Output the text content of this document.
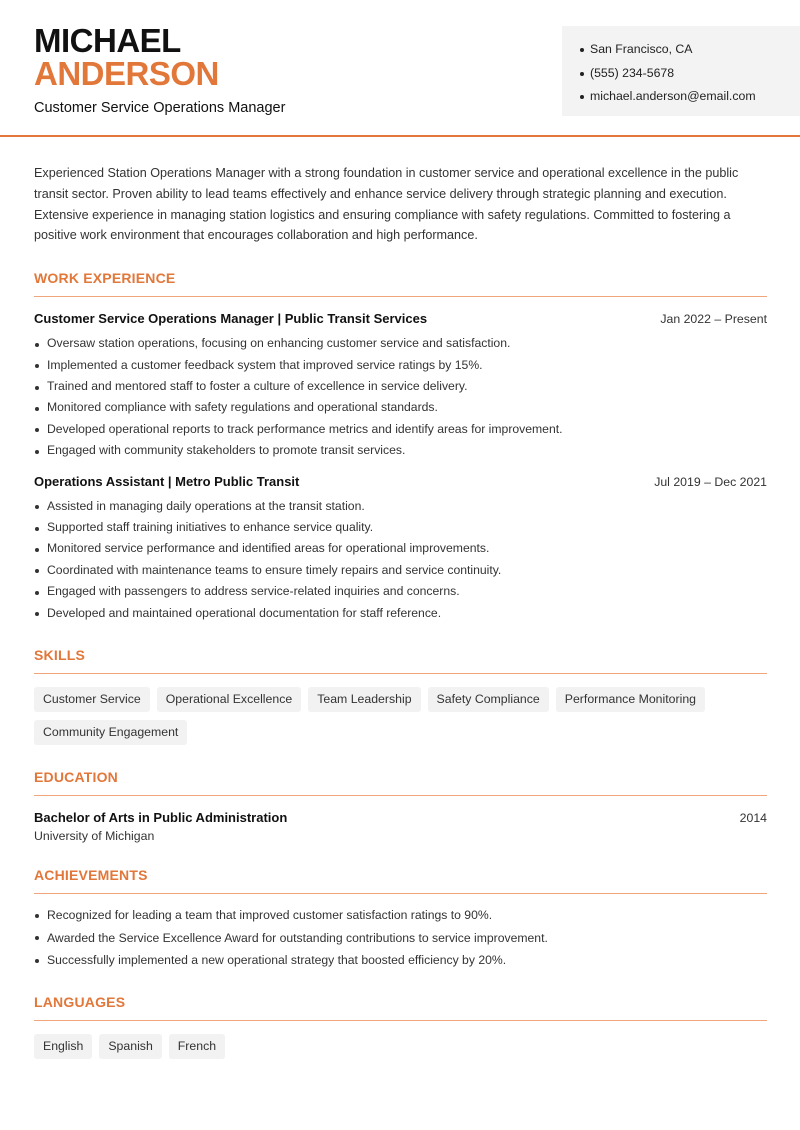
MICHAEL
ANDERSON
Customer Service Operations Manager
San Francisco, CA
(555) 234-5678
michael.anderson@email.com

Experienced Station Operations Manager with a strong foundation in customer service and operational excellence in the public transit sector. Proven ability to lead teams effectively and enhance service delivery through strategic planning and execution. Extensive experience in managing station logistics and ensuring compliance with safety regulations. Committed to fostering a positive work environment that encourages collaboration and high performance.

WORK EXPERIENCE
Customer Service Operations Manager | Public Transit Services	Jan 2022 – Present
Oversaw station operations, focusing on enhancing customer service and satisfaction.
Implemented a customer feedback system that improved service ratings by 15%.
Trained and mentored staff to foster a culture of excellence in service delivery.
Monitored compliance with safety regulations and operational standards.
Developed operational reports to track performance metrics and identify areas for improvement.
Engaged with community stakeholders to promote transit services.
Operations Assistant | Metro Public Transit	Jul 2019 – Dec 2021
Assisted in managing daily operations at the transit station.
Supported staff training initiatives to enhance service quality.
Monitored service performance and identified areas for operational improvements.
Coordinated with maintenance teams to ensure timely repairs and service continuity.
Engaged with passengers to address service-related inquiries and concerns.
Developed and maintained operational documentation for staff reference.
SKILLS
Customer Service	Operational Excellence	Team Leadership	Safety Compliance	Performance Monitoring
Community Engagement
EDUCATION
Bachelor of Arts in Public Administration	2014
University of Michigan
ACHIEVEMENTS
Recognized for leading a team that improved customer satisfaction ratings to 90%.
Awarded the Service Excellence Award for outstanding contributions to service improvement.
Successfully implemented a new operational strategy that boosted efficiency by 20%.
LANGUAGES
English	Spanish	French
